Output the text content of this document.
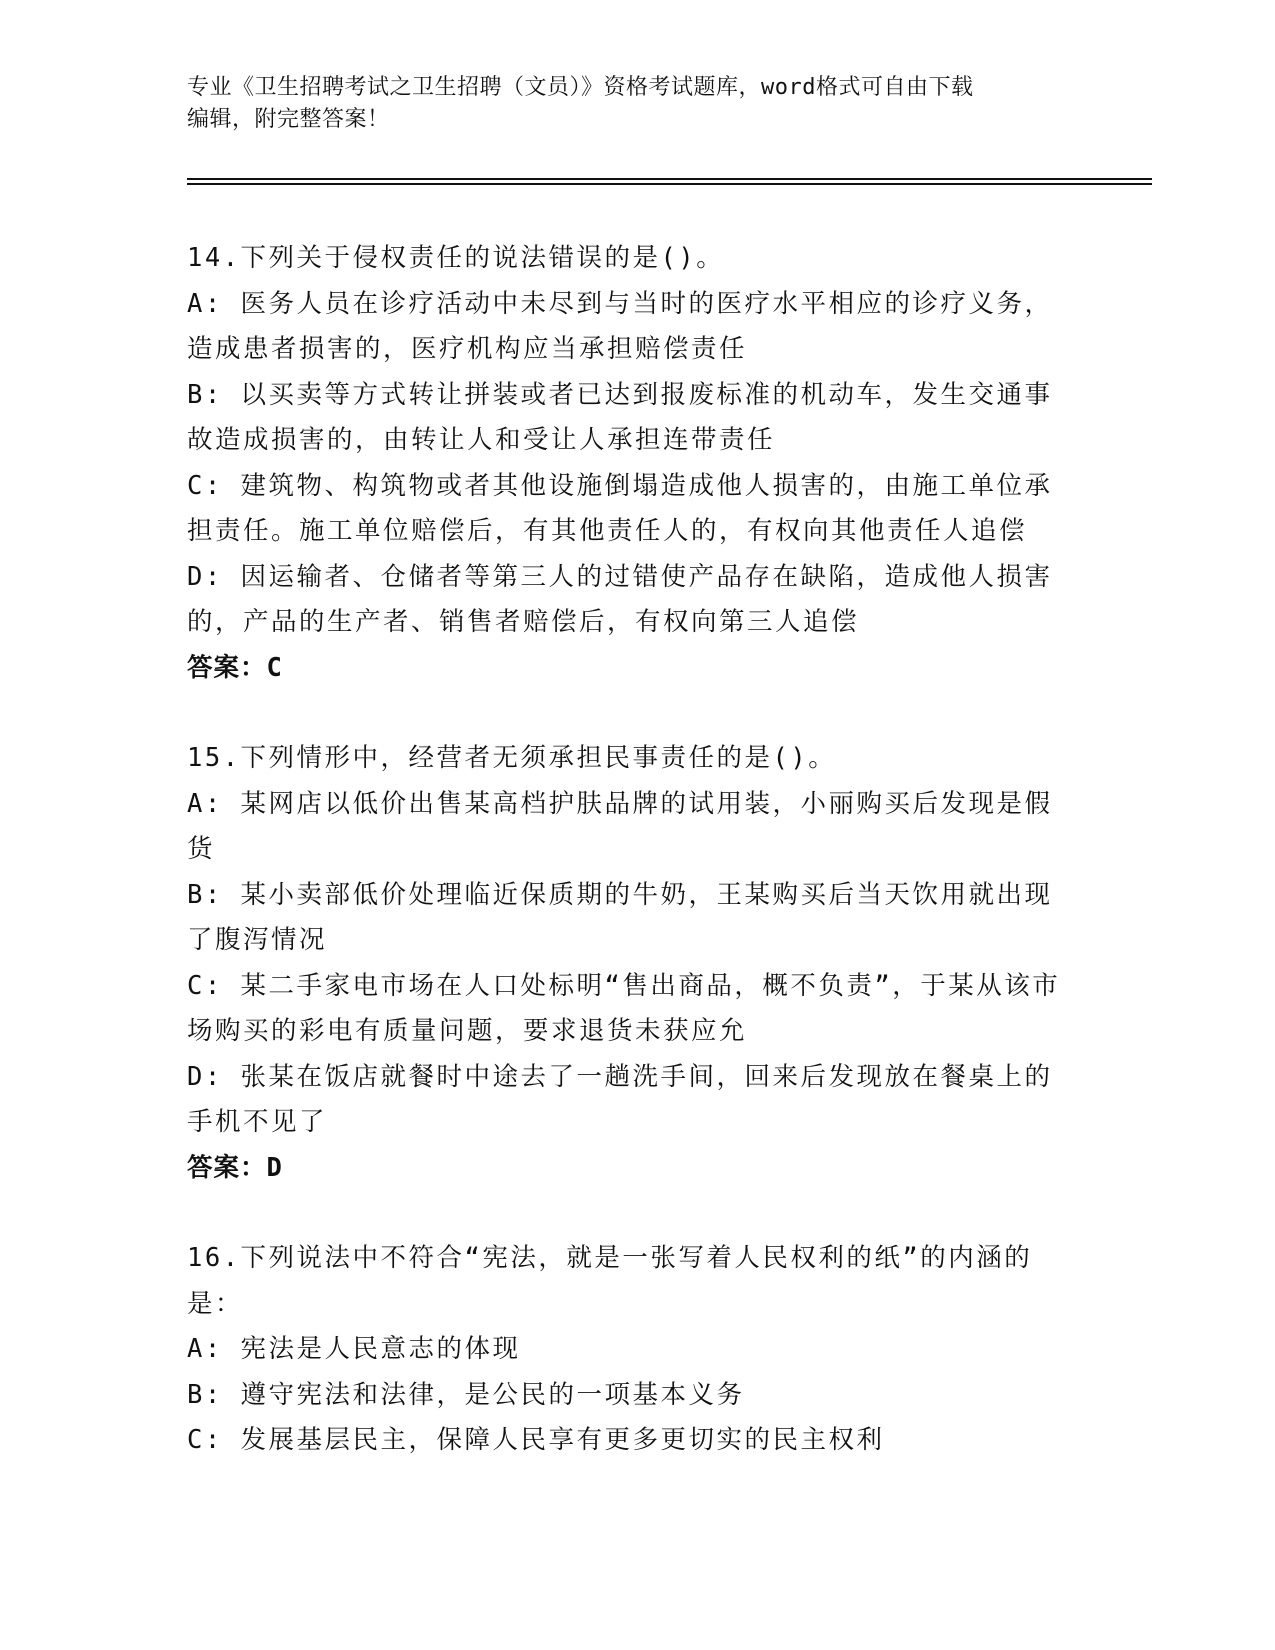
专业《卫生招聘考试之卫生招聘（文员）》资格考试题库，word格式可自由下载
编辑，附完整答案！
14.下列关于侵权责任的说法错误的是()。
A: 医务人员在诊疗活动中未尽到与当时的医疗水平相应的诊疗义务，造成患者损害的，医疗机构应当承担赔偿责任
B: 以买卖等方式转让拼装或者已达到报废标准的机动车，发生交通事故造成损害的，由转让人和受让人承担连带责任
C: 建筑物、构筑物或者其他设施倒塌造成他人损害的，由施工单位承担责任。施工单位赔偿后，有其他责任人的，有权向其他责任人追偿
D: 因运输者、仓储者等第三人的过错使产品存在缺陷，造成他人损害的，产品的生产者、销售者赔偿后，有权向第三人追偿
答案：C
15.下列情形中，经营者无须承担民事责任的是()。
A: 某网店以低价出售某高档护肤品牌的试用装，小丽购买后发现是假货
B: 某小卖部低价处理临近保质期的牛奶，王某购买后当天饮用就出现了腹泻情况
C: 某二手家电市场在人口处标明“售出商品，概不负责”，于某从该市场购买的彩电有质量问题，要求退货未获应允
D: 张某在饭店就餐时中途去了一趟洗手间，回来后发现放在餐桌上的手机不见了
答案：D
16.下列说法中不符合“宪法，就是一张写着人民权利的纸”的内涵的是：
A: 宪法是人民意志的体现
B: 遵守宪法和法律，是公民的一项基本义务
C: 发展基层民主，保障人民享有更多更切实的民主权利
